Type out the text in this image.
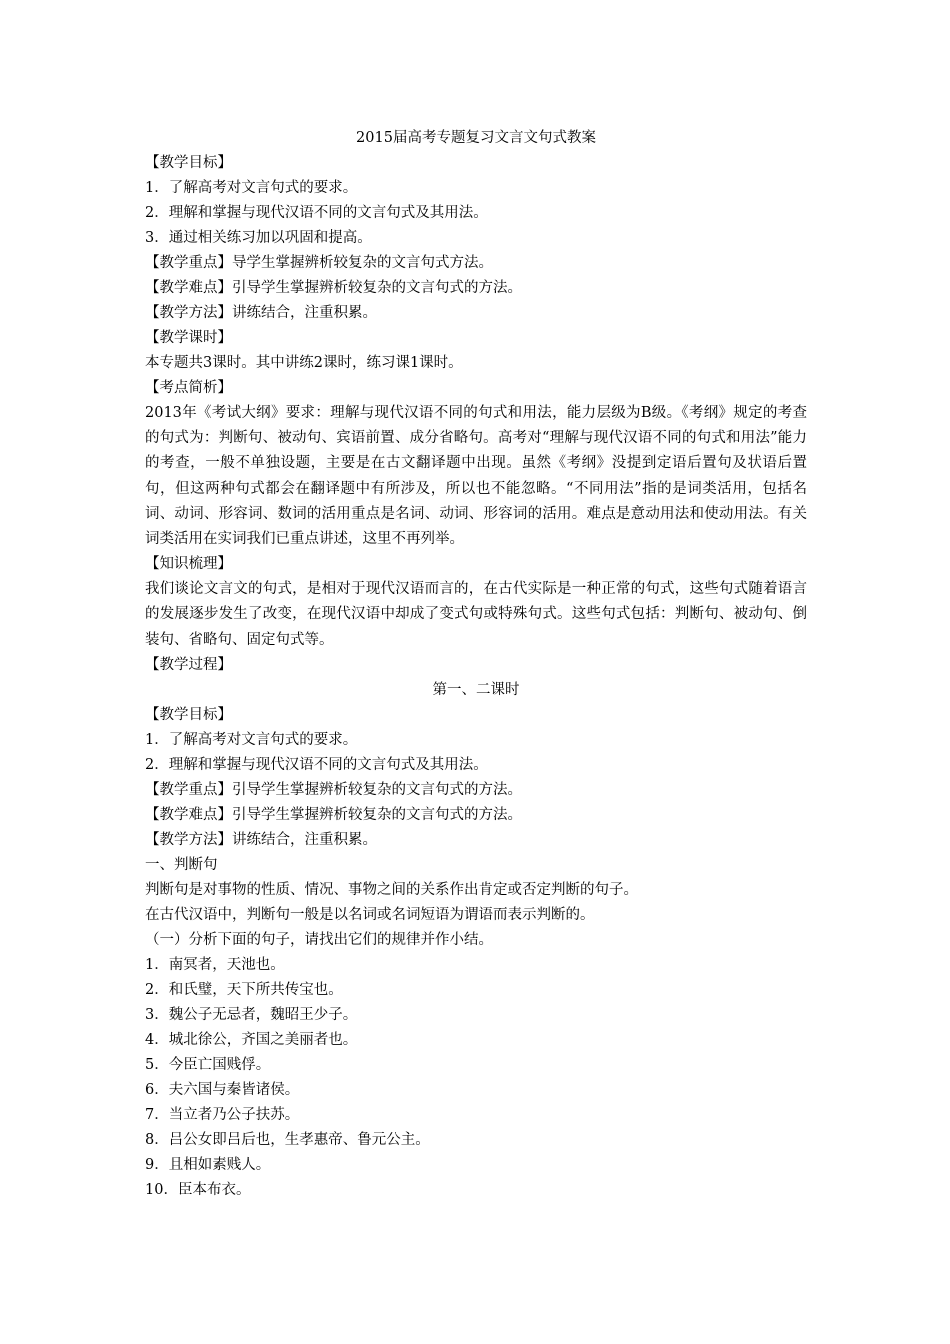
2015届高考专题复习文言文句式教案
【教学目标】
1．了解高考对文言句式的要求。
2．理解和掌握与现代汉语不同的文言句式及其用法。
3．通过相关练习加以巩固和提高。
【教学重点】导学生掌握辨析较复杂的文言句式方法。
【教学难点】引导学生掌握辨析较复杂的文言句式的方法。
【教学方法】讲练结合，注重积累。
【教学课时】
本专题共3课时。其中讲练2课时，练习课1课时。
【考点简析】
2013年《考试大纲》要求：理解与现代汉语不同的句式和用法，能力层级为B级。《考纲》规定的考查的句式为：判断句、被动句、宾语前置、成分省略句。高考对“理解与现代汉语不同的句式和用法”能力的考查，一般不单独设题，主要是在古文翻译题中出现。虽然《考纲》没提到定语后置句及状语后置句，但这两种句式都会在翻译题中有所涉及，所以也不能忽略。“不同用法”指的是词类活用，包括名词、动词、形容词、数词的活用重点是名词、动词、形容词的活用。难点是意动用法和使动用法。有关词类活用在实词我们已重点讲述，这里不再列举。
【知识梳理】
我们谈论文言文的句式，是相对于现代汉语而言的，在古代实际是一种正常的句式，这些句式随着语言的发展逐步发生了改变，在现代汉语中却成了变式句或特殊句式。这些句式包括：判断句、被动句、倒装句、省略句、固定句式等。
【教学过程】
第一、二课时
【教学目标】
1．了解高考对文言句式的要求。
2．理解和掌握与现代汉语不同的文言句式及其用法。
【教学重点】引导学生掌握辨析较复杂的文言句式的方法。
【教学难点】引导学生掌握辨析较复杂的文言句式的方法。
【教学方法】讲练结合，注重积累。
一、判断句
判断句是对事物的性质、情况、事物之间的关系作出肯定或否定判断的句子。
在古代汉语中，判断句一般是以名词或名词短语为谓语而表示判断的。
（一）分析下面的句子，请找出它们的规律并作小结。
1．南冥者，天池也。
2．和氏璧，天下所共传宝也。
3．魏公子无忌者，魏昭王少子。
4．城北徐公，齐国之美丽者也。
5．今臣亡国贱俘。
6．夫六国与秦皆诸侯。
7．当立者乃公子扶苏。
8．吕公女即吕后也，生孝惠帝、鲁元公主。
9．且相如素贱人。
10．臣本布衣。
